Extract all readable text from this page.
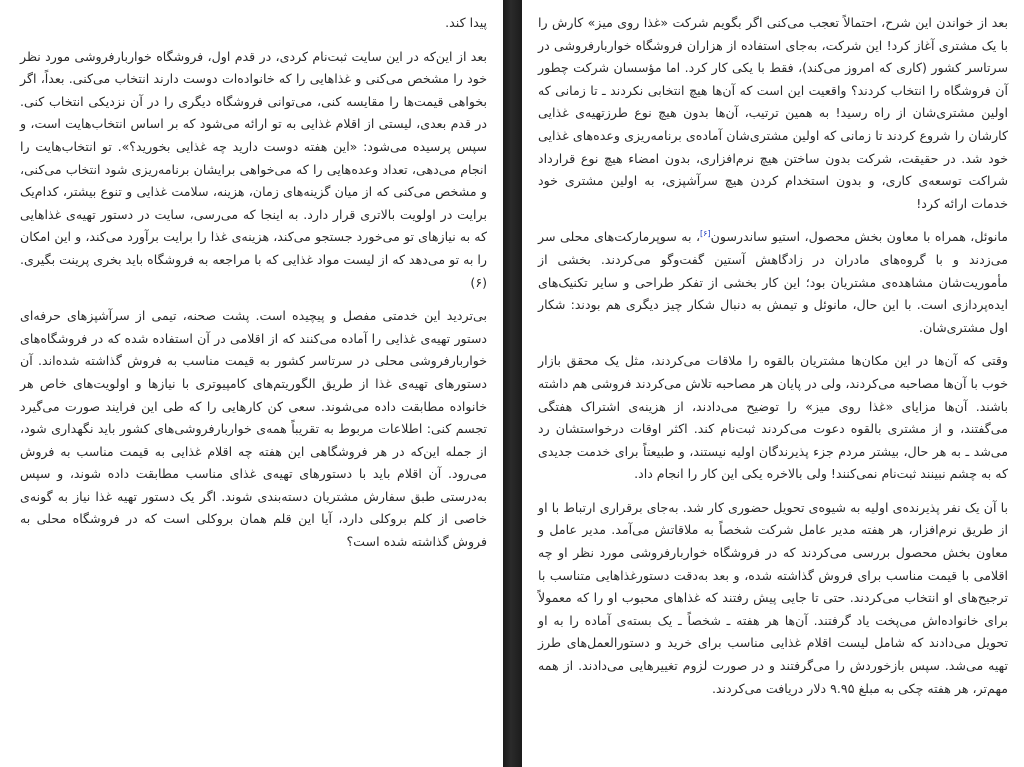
پیدا کند.

بعد از این‌که در این سایت ثبت‌نام کردی، در قدم اول، فروشگاه خواربارفروشی مورد نظر خود را مشخص می‌کنی و غذاهایی را که خانواده‌ات دوست دارند انتخاب می‌کنی. بعداً، اگر بخواهی قیمت‌ها را مقایسه کنی، می‌توانی فروشگاه دیگری را در آن نزدیکی انتخاب کنی. در قدم بعدی، لیستی از اقلام غذایی به تو ارائه می‌شود که بر اساس انتخاب‌هایت است، و سپس پرسیده می‌شود: «این هفته دوست دارید چه غذایی بخورید؟». تو انتخاب‌هایت را انجام می‌دهی، تعداد وعده‌هایی را که می‌خواهی برایشان برنامه‌ریزی شود انتخاب می‌کنی، و مشخص می‌کنی که از میان گزینه‌های زمان، هزینه، سلامت غذایی و تنوع بیشتر، کدام‌یک برایت در اولویت بالاتری قرار دارد. به اینجا که می‌رسی، سایت در دستور تهیه‌ی غذاهایی که به نیازهای تو می‌خورد جستجو می‌کند، هزینه‌ی غذا را برایت برآورد می‌کند، و این امکان را به تو می‌دهد که از لیست مواد غذایی که با مراجعه به فروشگاه باید بخری پرینت بگیری. (۶)

بی‌تردید این خدمتی مفصل و پیچیده است. پشت صحنه، تیمی از سرآشپزهای حرفه‌ای دستور تهیه‌ی غذایی را آماده می‌کنند که از اقلامی در آن استفاده شده که در فروشگاه‌های خواربارفروشی محلی در سرتاسر کشور به قیمت مناسب به فروش گذاشته شده‌اند. آن دستورهای تهیه‌ی غذا از طریق الگوریتم‌های کامپیوتری با نیازها و اولویت‌های خاص هر خانواده مطابقت داده می‌شوند. سعی کن کارهایی را که طی این فرایند صورت می‌گیرد تجسم کنی: اطلاعات مربوط به تقریباً همه‌ی خواربارفروشی‌های کشور باید نگهداری شود، از جمله این‌که در هر فروشگاهی این هفته چه اقلام غذایی به قیمت مناسب به فروش می‌رود. آن اقلام باید با دستورهای تهیه‌ی غذای مناسب مطابقت داده شوند، و سپس به‌درستی طبق سفارش مشتریان دسته‌بندی شوند. اگر یک دستور تهیه غذا نیاز به گونه‌ی خاصی از کلم بروکلی دارد، آیا این قلم همان بروکلی است که در فروشگاه محلی به فروش گذاشته شده است؟

بعد از خواندن این شرح، احتمالاً تعجب می‌کنی اگر بگویم شرکت «غذا روی میز» کارش را با یک مشتری آغاز کرد! این شرکت، به‌جای استفاده از هزاران فروشگاه خواربارفروشی در سرتاسر کشور (کاری که امروز می‌کند)، فقط با یکی کار کرد. اما مؤسسان شرکت چطور آن فروشگاه را انتخاب کردند؟ واقعیت این است که آن‌ها هیچ انتخابی نکردند ـ تا زمانی که اولین مشتری‌شان از راه رسید! به همین ترتیب، آن‌ها بدون هیچ نوع طرزتهیه‌ی غذایی کارشان را شروع کردند تا زمانی که اولین مشتری‌شان آماده‌ی برنامه‌ریزی وعده‌های غذایی خود شد. در حقیقت، شرکت بدون ساختن هیچ نرم‌افزاری، بدون امضاء هیچ نوع قرارداد شراکت توسعه‌ی کاری، و بدون استخدام کردن هیچ سرآشپزی، به اولین مشتری خود خدمات ارائه کرد!

مانوئل، همراه با معاون بخش محصول، استیو ساندرسون[۶]، به سوپرمارکت‌های محلی سر می‌زدند و با گروه‌های مادران در زادگاهش آستین گفت‌وگو می‌کردند. بخشی از مأموریت‌شان مشاهده‌ی مشتریان بود؛ این کار بخشی از تفکر طراحی و سایر تکنیک‌های ایده‌پردازی است. با این حال، مانوئل و تیمش به دنبال شکار چیز دیگری هم بودند: شکار اول مشتری‌شان.

وقتی که آن‌ها در این مکان‌ها مشتریان بالقوه را ملاقات می‌کردند، مثل یک محقق بازار خوب با آن‌ها مصاحبه می‌کردند، ولی در پایان هر مصاحبه تلاش می‌کردند فروشی هم داشته باشند. آن‌ها مزایای «غذا روی میز» را توضیح می‌دادند، از هزینه‌ی اشتراک هفتگی می‌گفتند، و از مشتری بالقوه دعوت می‌کردند ثبت‌نام کند. اکثر اوقات درخواستشان رد می‌شد ـ به هر حال، بیشتر مردم جزء پذیرندگان اولیه نیستند، و طبیعتاً برای خدمت جدیدی که به چشم نبینند ثبت‌نام نمی‌کنند! ولی بالاخره یکی این کار را انجام داد.

با آن یک نفر پذیرنده‌ی اولیه به شیوه‌ی تحویل حضوری کار شد. به‌جای برقراری ارتباط با او از طریق نرم‌افزار، هر هفته مدیر عامل شرکت شخصاً به ملاقاتش می‌آمد. مدیر عامل و معاون بخش محصول بررسی می‌کردند که در فروشگاه خواربارفروشی مورد نظر او چه اقلامی با قیمت مناسب برای فروش گذاشته شده، و بعد به‌دقت دستورغذاهایی متناسب با ترجیح‌های او انتخاب می‌کردند. حتی تا جایی پیش رفتند که غذاهای محبوب او را که معمولاً برای خانواده‌اش می‌پخت یاد گرفتند. آن‌ها هر هفته ـ شخصاً ـ یک بسته‌ی آماده را به او تحویل می‌دادند که شامل لیست اقلام غذایی مناسب برای خرید و دستورالعمل‌های طرز تهیه می‌شد. سپس بازخوردش را می‌گرفتند و در صورت لزوم تغییرهایی می‌دادند. از همه مهم‌تر، هر هفته چکی به مبلغ ۹.۹۵ دلار دریافت می‌کردند.
